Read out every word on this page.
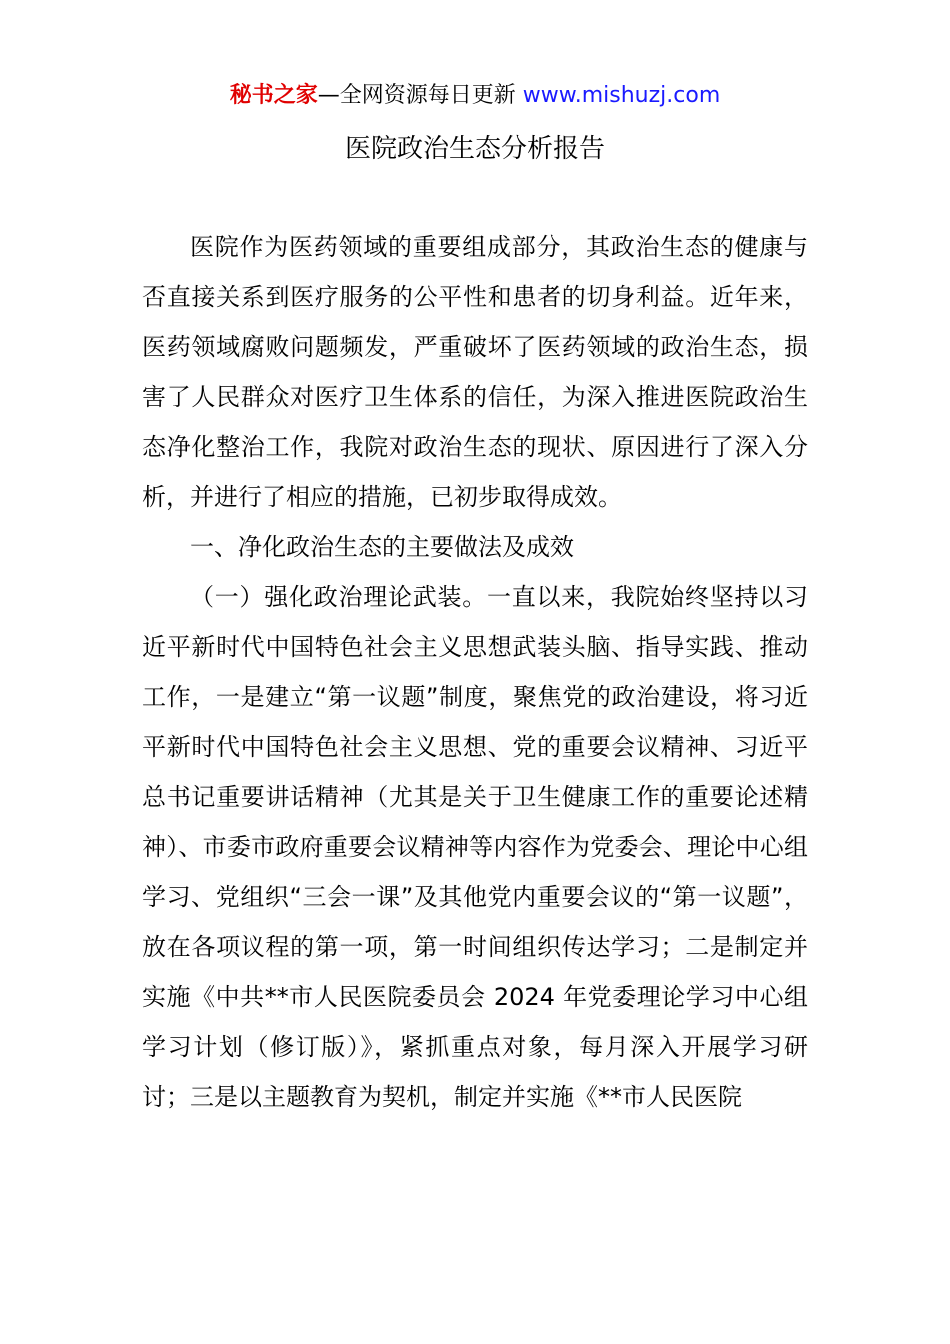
秘书之家—全网资源每日更新 www.mishuzj.com
医院政治生态分析报告

医院作为医药领域的重要组成部分，其政治生态的健康与否直接关系到医疗服务的公平性和患者的切身利益。近年来，医药领域腐败问题频发，严重破坏了医药领域的政治生态，损害了人民群众对医疗卫生体系的信任，为深入推进医院政治生态净化整治工作，我院对政治生态的现状、原因进行了深入分析，并进行了相应的措施，已初步取得成效。

一、净化政治生态的主要做法及成效

（一）强化政治理论武装。一直以来，我院始终坚持以习近平新时代中国特色社会主义思想武装头脑、指导实践、推动工作，一是建立“第一议题”制度，聚焦党的政治建设，将习近平新时代中国特色社会主义思想、党的重要会议精神、习近平总书记重要讲话精神（尤其是关于卫生健康工作的重要论述精神）、市委市政府重要会议精神等内容作为党委会、理论中心组学习、党组织“三会一课”及其他党内重要会议的“第一议题”，放在各项议程的第一项，第一时间组织传达学习；二是制定并实施《中共**市人民医院委员会 2024 年党委理论学习中心组学习计划（修订版）》，紧抓重点对象，每月深入开展学习研讨；三是以主题教育为契机，制定并实施《**市人民医院
